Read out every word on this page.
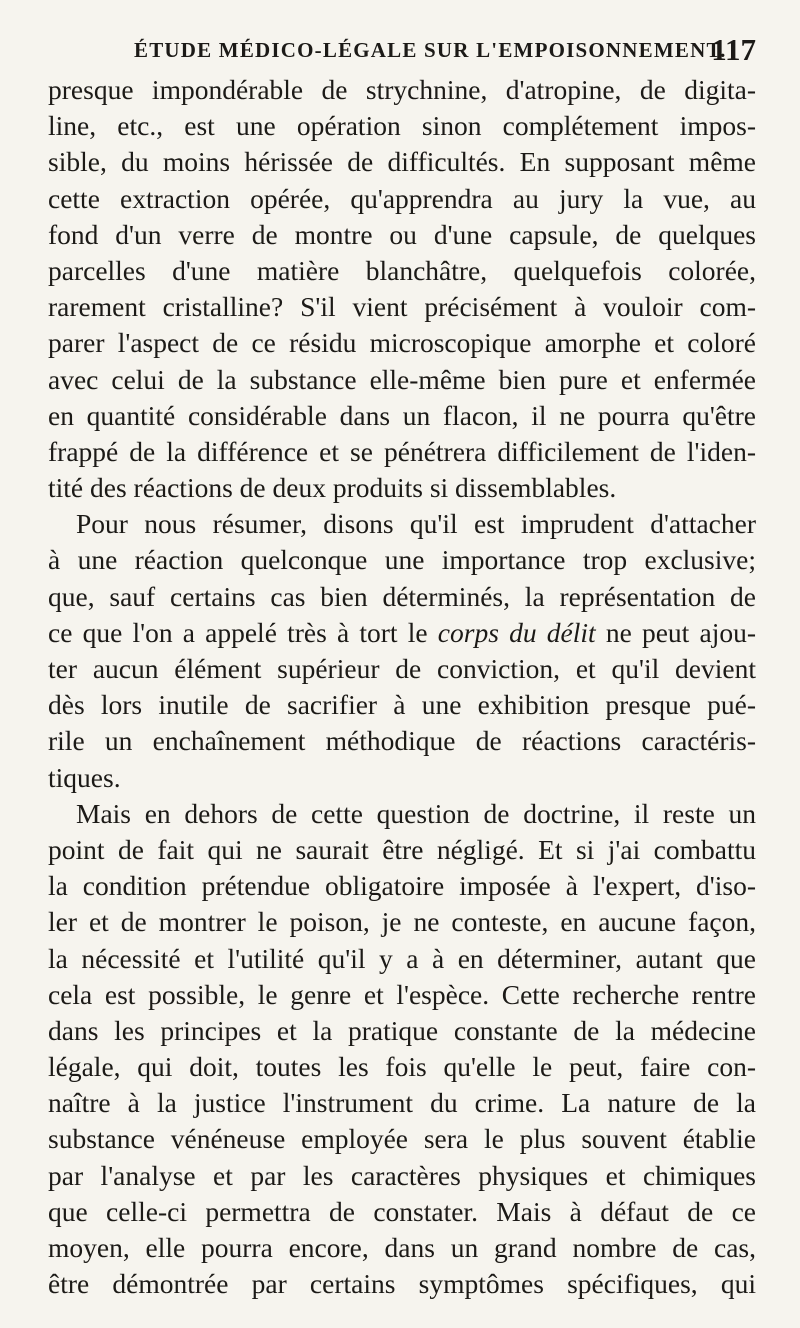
ÉTUDE MÉDICO-LÉGALE SUR L'EMPOISONNEMENT.
117
presque impondérable de strychnine, d'atropine, de digita-
line, etc., est une opération sinon complétement impos-
sible, du moins hérissée de difficultés. En supposant même
cette extraction opérée, qu'apprendra au jury la vue, au
fond d'un verre de montre ou d'une capsule, de quelques
parcelles d'une matière blanchâtre, quelquefois colorée,
rarement cristalline? S'il vient précisément à vouloir com-
parer l'aspect de ce résidu microscopique amorphe et coloré
avec celui de la substance elle-même bien pure et enfermée
en quantité considérable dans un flacon, il ne pourra qu'être
frappé de la différence et se pénétrera difficilement de l'iden-
tité des réactions de deux produits si dissemblables.
Pour nous résumer, disons qu'il est imprudent d'attacher
à une réaction quelconque une importance trop exclusive;
que, sauf certains cas bien déterminés, la représentation de
ce que l'on a appelé très à tort le corps du délit ne peut ajou-
ter aucun élément supérieur de conviction, et qu'il devient
dès lors inutile de sacrifier à une exhibition presque pué-
rile un enchaînement méthodique de réactions caractéris-
tiques.
Mais en dehors de cette question de doctrine, il reste un
point de fait qui ne saurait être négligé. Et si j'ai combattu
la condition prétendue obligatoire imposée à l'expert, d'iso-
ler et de montrer le poison, je ne conteste, en aucune façon,
la nécessité et l'utilité qu'il y a à en déterminer, autant que
cela est possible, le genre et l'espèce. Cette recherche rentre
dans les principes et la pratique constante de la médecine
légale, qui doit, toutes les fois qu'elle le peut, faire con-
naître à la justice l'instrument du crime. La nature de la
substance vénéneuse employée sera le plus souvent établie
par l'analyse et par les caractères physiques et chimiques
que celle-ci permettra de constater. Mais à défaut de ce
moyen, elle pourra encore, dans un grand nombre de cas,
être démontrée par certains symptômes spécifiques, qui
